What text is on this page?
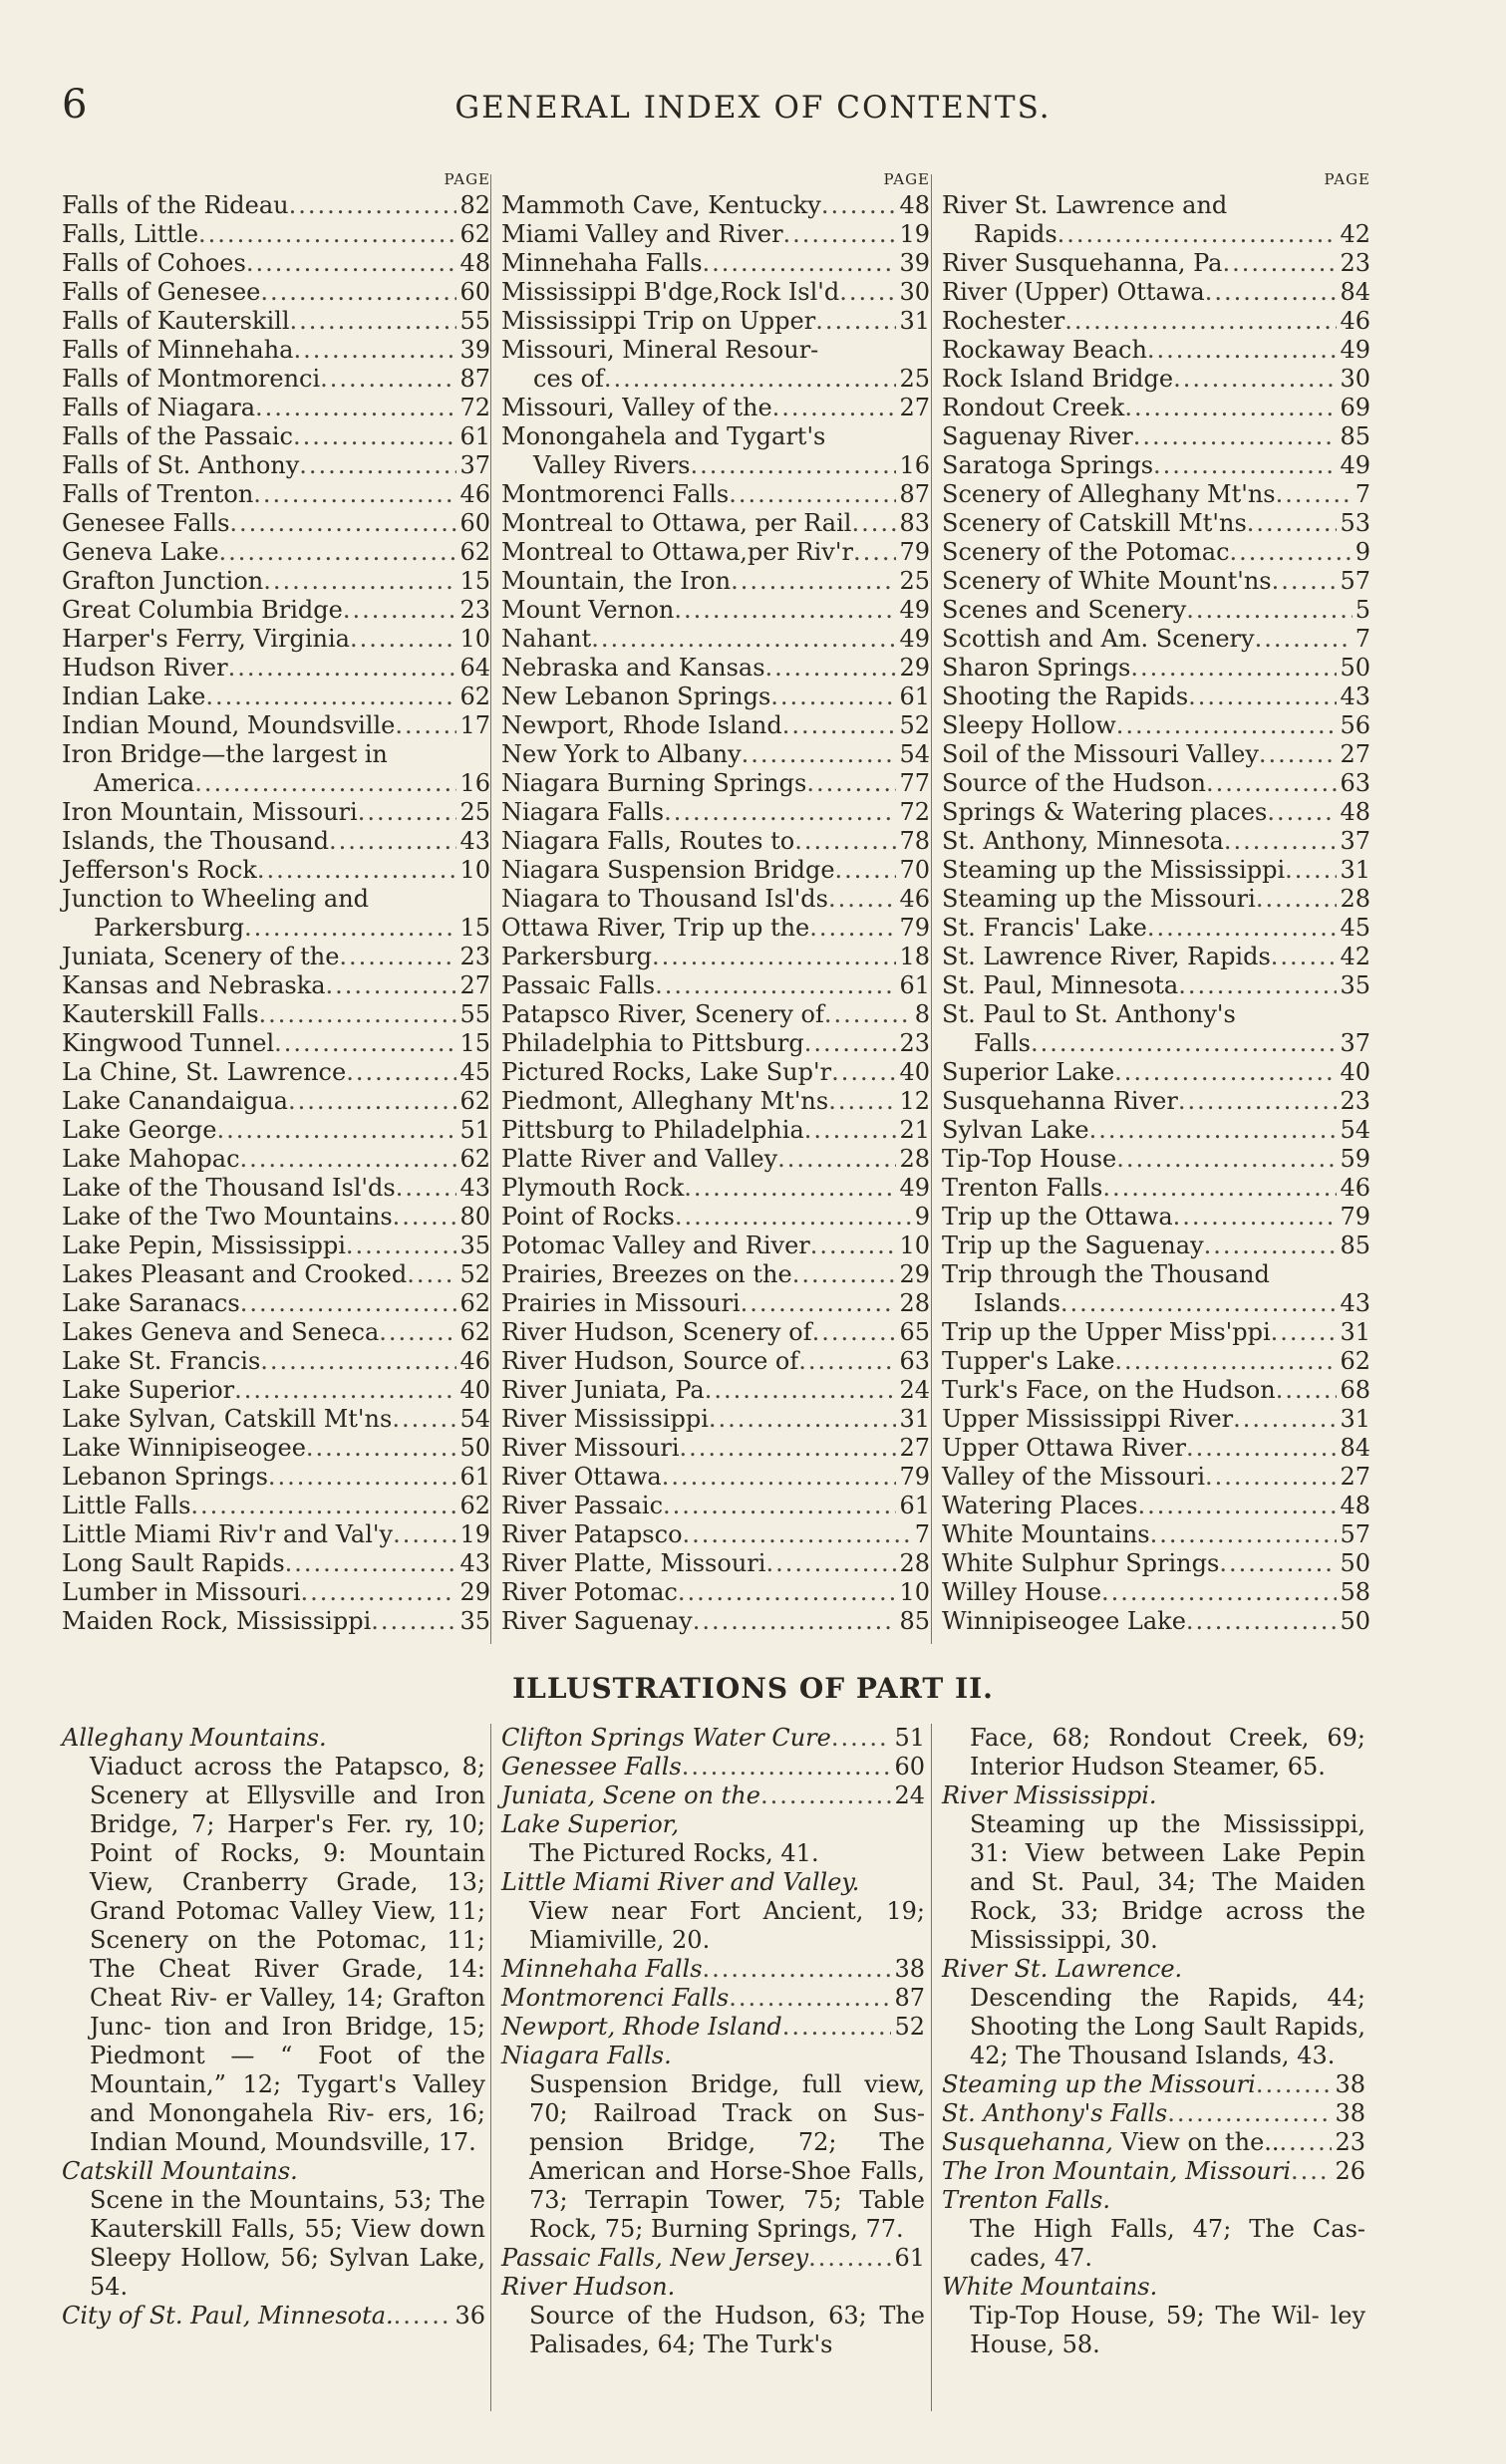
6	GENERAL INDEX OF CONTENTS.
PAGE
Falls of the Rideau .....	82
Falls, Little .....	62
Falls of Cohoes .....	48
Falls of Genesee .....	60
Falls of Kauterskill .....	55
Falls of Minnehaha .....	39
Falls of Montmorenci .....	87
Falls of Niagara .....	72
Falls of the Passaic .....	61
Falls of St. Anthony .....	37
Falls of Trenton .....	46
Genesee Falls .....	60
Geneva Lake .....	62
Grafton Junction .....	15
Great Columbia Bridge .....	23
Harper's Ferry, Virginia .....	10
Hudson River .....	64
Indian Lake .....	62
Indian Mound, Moundsville .....	17
Iron Bridge—the largest in
America .....	16
Iron Mountain, Missouri .....	25
Islands, the Thousand .....	43
Jefferson's Rock .....	10
Junction to Wheeling and
Parkersburg .....	15
Juniata, Scenery of the .....	23
Kansas and Nebraska .....	27
Kauterskill Falls .....	55
Kingwood Tunnel .....	15
La Chine, St. Lawrence .....	45
Lake Canandaigua .....	62
Lake George .....	51
Lake Mahopac .....	62
Lake of the Thousand Isl'ds .....	43
Lake of the Two Mountains .....	80
Lake Pepin, Mississippi .....	35
Lakes Pleasant and Crooked ..... 52
Lake Saranacs .....	62
Lakes Geneva and Seneca .....	62
Lake St. Francis .....	46
Lake Superior .....	40
Lake Sylvan, Catskill Mt'ns .....	54
Lake Winnipiseogee .....	50
Lebanon Springs .....	61
Little Falls .....	62
Little Miami Riv'r and Val'y .....	19
Long Sault Rapids .....	43
Lumber in Missouri .....	29
Maiden Rock, Mississippi .....	35
PAGE
Mammoth Cave, Kentucky .....	48
Miami Valley and River .....	19
Minnehaha Falls .....	39
Mississippi B'dge,Rock Isl'd .....	30
Mississippi Trip on Upper .....	31
Missouri, Mineral Resour-
ces of .....	25
Missouri, Valley of the .....	27
Monongahela and Tygart's
Valley Rivers .....	16
Montmorenci Falls .....	87
Montreal to Ottawa, per Rail ..... 83
Montreal to Ottawa,per Riv'r ..... 79
Mountain, the Iron .....	25
Mount Vernon .....	49
Nahant .....	49
Nebraska and Kansas .....	29
New Lebanon Springs .....	61
Newport, Rhode Island .....	52
New York to Albany .....	54
Niagara Burning Springs .....	77
Niagara Falls .....	72
Niagara Falls, Routes to .....	78
Niagara Suspension Bridge .....	70
Niagara to Thousand Isl'ds .....	46
Ottawa River, Trip up the .....	79
Parkersburg .....	18
Passaic Falls .....	61
Patapsco River, Scenery of .....	8
Philadelphia to Pittsburg .....	23
Pictured Rocks, Lake Sup'r .....	40
Piedmont, Alleghany Mt'ns .....	12
Pittsburg to Philadelphia .....	21
Platte River and Valley .....	28
Plymouth Rock .....	49
Point of Rocks .....	9
Potomac Valley and River .....	10
Prairies, Breezes on the .....	29
Prairies in Missouri .....	28
River Hudson, Scenery of .....	65
River Hudson, Source of .....	63
River Juniata, Pa .....	24
River Mississippi .....	31
River Missouri .....	27
River Ottawa .....	79
River Passaic .....	61
River Patapsco .....	7
River Platte, Missouri .....	28
River Potomac .....	10
River Saguenay .....	85
PAGE
River St. Lawrence and
Rapids .....	42
River Susquehanna, Pa .....	23
River (Upper) Ottawa .....	84
Rochester .....	46
Rockaway Beach .....	49
Rock Island Bridge .....	30
Rondout Creek .....	69
Saguenay River .....	85
Saratoga Springs .....	49
Scenery of Alleghany Mt'ns .....	7
Scenery of Catskill Mt'ns .....	53
Scenery of the Potomac .....	9
Scenery of White Mount'ns .....	57
Scenes and Scenery .....	5
Scottish and Am. Scenery .....	7
Sharon Springs .....	50
Shooting the Rapids .....	43
Sleepy Hollow .....	56
Soil of the Missouri Valley .....	27
Source of the Hudson .....	63
Springs & Watering places .....	48
St. Anthony, Minnesota .....	37
Steaming up the Mississippi ..... 31
Steaming up the Missouri .....	28
St. Francis' Lake .....	45
St. Lawrence River, Rapids .....	42
St. Paul, Minnesota .....	35
St. Paul to St. Anthony's
Falls .....	37
Superior Lake .....	40
Susquehanna River .....	23
Sylvan Lake .....	54
Tip-Top House .....	59
Trenton Falls .....	46
Trip up the Ottawa .....	79
Trip up the Saguenay .....	85
Trip through the Thousand
Islands .....	43
Trip up the Upper Miss'ppi .....	31
Tupper's Lake .....	62
Turk's Face, on the Hudson .....	68
Upper Mississippi River .....	31
Upper Ottawa River .....	84
Valley of the Missouri .....	27
Watering Places .....	48
White Mountains .....	57
White Sulphur Springs .....	50
Willey House .....	58
Winnipiseogee Lake .....	50
ILLUSTRATIONS OF PART II.
Alleghany Mountains.
Viaduct across the Patapsco, 8; Scenery at Ellysville and Iron Bridge, 7; Harper's Fer. ry, 10; Point of Rocks, 9: Mountain View, Cranberry Grade, 13; Grand Potomac Valley View, 11; Scenery on the Potomac, 11; The Cheat River Grade, 14: Cheat Riv- er Valley, 14; Grafton Junc- tion and Iron Bridge, 15; Piedmont — “ Foot of the Mountain,” 12; Tygart's Valley and Monongahela Riv- ers, 16; Indian Mound, Moundsville, 17.
Catskill Mountains.
Scene in the Mountains, 53; The Kauterskill Falls, 55; View down Sleepy Hollow, 56; Sylvan Lake, 54.
City of St. Paul, Minnesota. .....	36
Clifton Springs Water Cure .....	51
Genessee Falls .....	60
Juniata, Scene on the .....	24
Lake Superior,
The Pictured Rocks, 41.
Little Miami River and Valley.
View near Fort Ancient, 19; Miamiville, 20.
Minnehaha Falls .....	38
Montmorenci Falls .....	87
Newport, Rhode Island .....	52
Niagara Falls.
Suspension Bridge, full view, 70; Railroad Track on Sus- pension Bridge, 72; The American and Horse-Shoe Falls, 73; Terrapin Tower, 75; Table Rock, 75; Burning Springs, 77.
Passaic Falls, New Jersey .....	61
River Hudson.
Source of the Hudson, 63; The Palisades, 64; The Turk's
Face, 68; Rondout Creek, 69; Interior Hudson Steamer, 65.
River Mississippi.
Steaming up the Mississippi, 31: View between Lake Pepin and St. Paul, 34; The Maiden Rock, 33; Bridge across the Mississippi, 30.
River St. Lawrence.
Descending the Rapids, 44; Shooting the Long Sault Rapids, 42; The Thousand Islands, 43.
Steaming up the Missouri .....	38
St. Anthony's Falls .....	38
Susquehanna, View on the.. ..... 23
The Iron Mountain, Missouri ..... 26
Trenton Falls.
The High Falls, 47; The Cas- cades, 47.
White Mountains.
Tip-Top House, 59; The Wil- ley House, 58.
